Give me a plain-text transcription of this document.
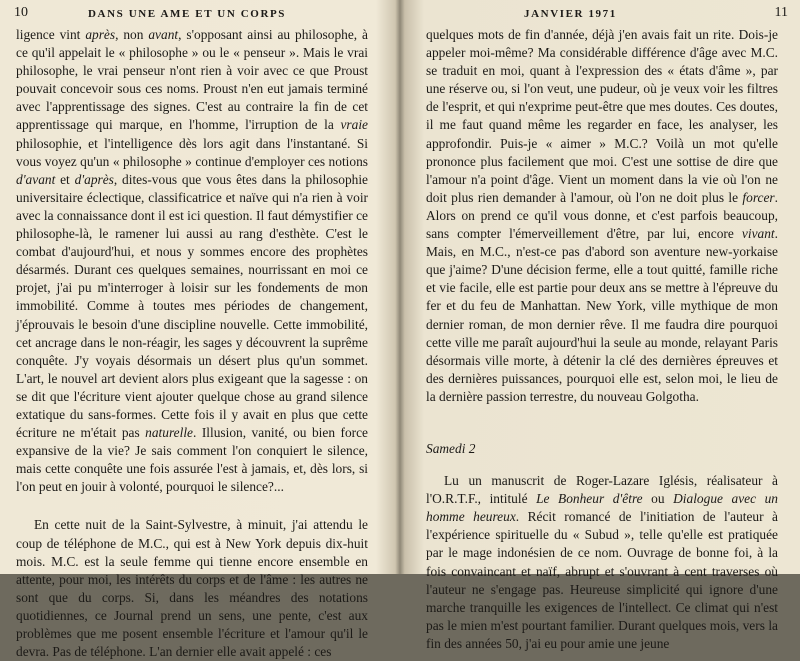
10	DANS UNE AME ET UN CORPS

ligence vint après, non avant, s'opposant ainsi au philosophe, à ce qu'il appelait le « philosophe » ou le « penseur ». Mais le vrai philosophe, le vrai penseur n'ont rien à voir avec ce que Proust pouvait concevoir sous ces noms. Proust n'en eut jamais terminé avec l'apprentissage des signes. C'est au contraire la fin de cet apprentissage qui marque, en l'homme, l'irruption de la vraie philosophie, et l'intelligence dès lors agit dans l'instantané. Si vous voyez qu'un « philosophe » continue d'employer ces notions d'avant et d'après, dites-vous que vous êtes dans la philosophie universitaire éclectique, classificatrice et naïve qui n'a rien à voir avec la connaissance dont il est ici question. Il faut démystifier ce philosophe-là, le ramener lui aussi au rang d'esthète. C'est le combat d'aujourd'hui, et nous y sommes encore des prophètes désarmés. Durant ces quelques semaines, nourrissant en moi ce projet, j'ai pu m'interroger à loisir sur les fondements de mon immobilité. Comme à toutes mes périodes de changement, j'éprouvais le besoin d'une discipline nouvelle. Cette immobilité, cet ancrage dans le non-réagir, les sages y découvrent la suprême conquête. J'y voyais désormais un désert plus qu'un sommet. L'art, le nouvel art devient alors plus exigeant que la sagesse : on se dit que l'écriture vient ajouter quelque chose au grand silence extatique du sans-formes. Cette fois il y avait en plus que cette écriture ne m'était pas naturelle. Illusion, vanité, ou bien force expansive de la vie? Je sais comment l'on conquiert le silence, mais cette conquête une fois assurée l'est à jamais, et, dès lors, si l'on peut en jouir à volonté, pourquoi le silence?...

En cette nuit de la Saint-Sylvestre, à minuit, j'ai attendu le coup de téléphone de M.C., qui est à New York depuis dix-huit mois. M.C. est la seule femme qui tienne encore ensemble en attente, pour moi, les intérêts du corps et de l'âme : les autres ne sont que du corps. Si, dans les méandres des notations quotidiennes, ce Journal prend un sens, une pente, c'est aux problèmes que me posent ensemble l'écriture et l'amour qu'il le devra. Pas de téléphone. L'an dernier elle avait appelé : ces

JANVIER 1971	11

quelques mots de fin d'année, déjà j'en avais fait un rite. Dois-je appeler moi-même? Ma considérable différence d'âge avec M.C. se traduit en moi, quant à l'expression des « états d'âme », par une réserve ou, si l'on veut, une pudeur, où je veux voir les filtres de l'esprit, et qui n'exprime peut-être que mes doutes. Ces doutes, il me faut quand même les regarder en face, les analyser, les approfondir. Puis-je « aimer » M.C.? Voilà un mot qu'elle prononce plus facilement que moi. C'est une sottise de dire que l'amour n'a point d'âge. Vient un moment dans la vie où l'on ne doit plus rien demander à l'amour, où l'on ne doit plus le forcer. Alors on prend ce qu'il vous donne, et c'est parfois beaucoup, sans compter l'émerveillement d'être, par lui, encore vivant. Mais, en M.C., n'est-ce pas d'abord son aventure new-yorkaise que j'aime? D'une décision ferme, elle a tout quitté, famille riche et vie facile, elle est partie pour deux ans se mettre à l'épreuve du fer et du feu de Manhattan. New York, ville mythique de mon dernier roman, de mon dernier rêve. Il me faudra dire pourquoi cette ville me paraît aujourd'hui la seule au monde, relayant Paris désormais ville morte, à détenir la clé des dernières épreuves et des dernières puissances, pourquoi elle est, selon moi, le lieu de la dernière passion terrestre, du nouveau Golgotha.

Samedi 2

Lu un manuscrit de Roger-Lazare Iglésis, réalisateur à l'O.R.T.F., intitulé Le Bonheur d'être ou Dialogue avec un homme heureux. Récit romancé de l'initiation de l'auteur à l'expérience spirituelle du « Subud », telle qu'elle est pratiquée par le mage indonésien de ce nom. Ouvrage de bonne foi, à la fois convaincant et naïf, abrupt et s'ouvrant à cent traverses où l'auteur ne s'engage pas. Heureuse simplicité qui ignore d'une marche tranquille les exigences de l'intellect. Ce climat qui n'est pas le mien m'est pourtant familier. Durant quelques mois, vers la fin des années 50, j'ai eu pour amie une jeune
